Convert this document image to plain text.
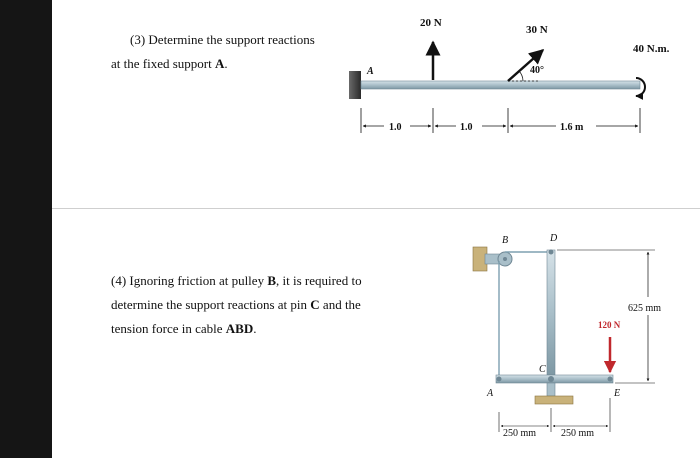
(3) Determine the support reactions
at the fixed support A.
A
20 N
30 N
40°
40 N.m.
1.0	1.0	1.6 m
(4) Ignoring friction at pulley B, it is required to
determine the support reactions at pin C and the
tension force in cable ABD.
B	D
C
A	E
120 N
625 mm
250 mm 250 mm
